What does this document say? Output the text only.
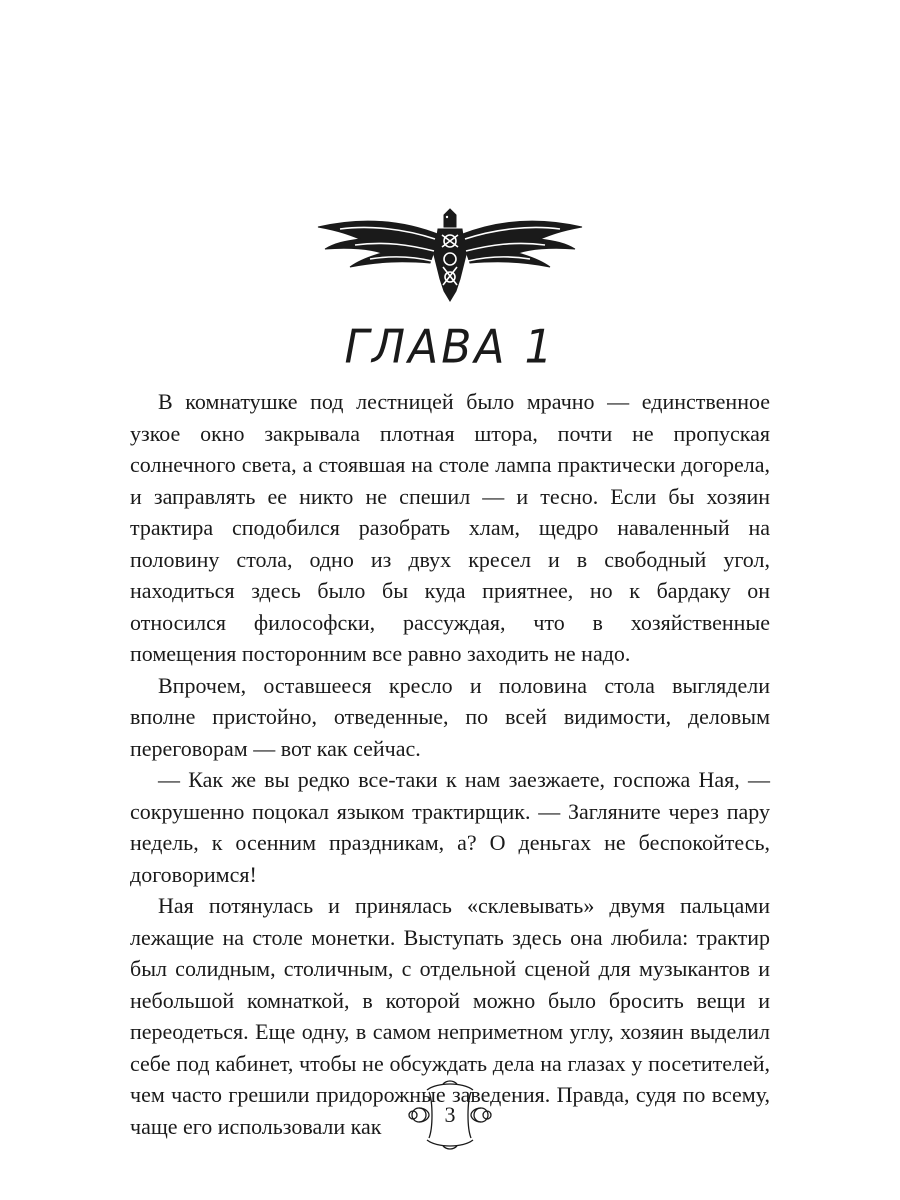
ГЛАВА 1

В комнатушке под лестницей было мрачно — единственное узкое окно закрывала плотная штора, почти не пропуская солнечного света, а стоявшая на столе лампа практически догорела, и заправлять ее никто не спешил — и тесно. Если бы хозяин трактира сподобился разобрать хлам, щедро наваленный на половину стола, одно из двух кресел и в свободный угол, находиться здесь было бы куда приятнее, но к бардаку он относился философски, рассуждая, что в хозяйственные помещения посторонним все равно заходить не надо.

Впрочем, оставшееся кресло и половина стола выглядели вполне пристойно, отведенные, по всей видимости, деловым переговорам — вот как сейчас.

— Как же вы редко все-таки к нам заезжаете, госпожа Ная, — сокрушенно поцокал языком трактирщик. — Загляните через пару недель, к осенним праздникам, а? О деньгах не беспокойтесь, договоримся!

Ная потянулась и принялась «склевывать» двумя пальцами лежащие на столе монетки. Выступать здесь она любила: трактир был солидным, столичным, с отдельной сценой для музыкантов и небольшой комнаткой, в которой можно было бросить вещи и переодеться. Еще одну, в самом неприметном углу, хозяин выделил себе под кабинет, чтобы не обсуждать дела на глазах у посетителей, чем часто грешили придорожные заведения. Правда, судя по всему, чаще его использовали как	3
